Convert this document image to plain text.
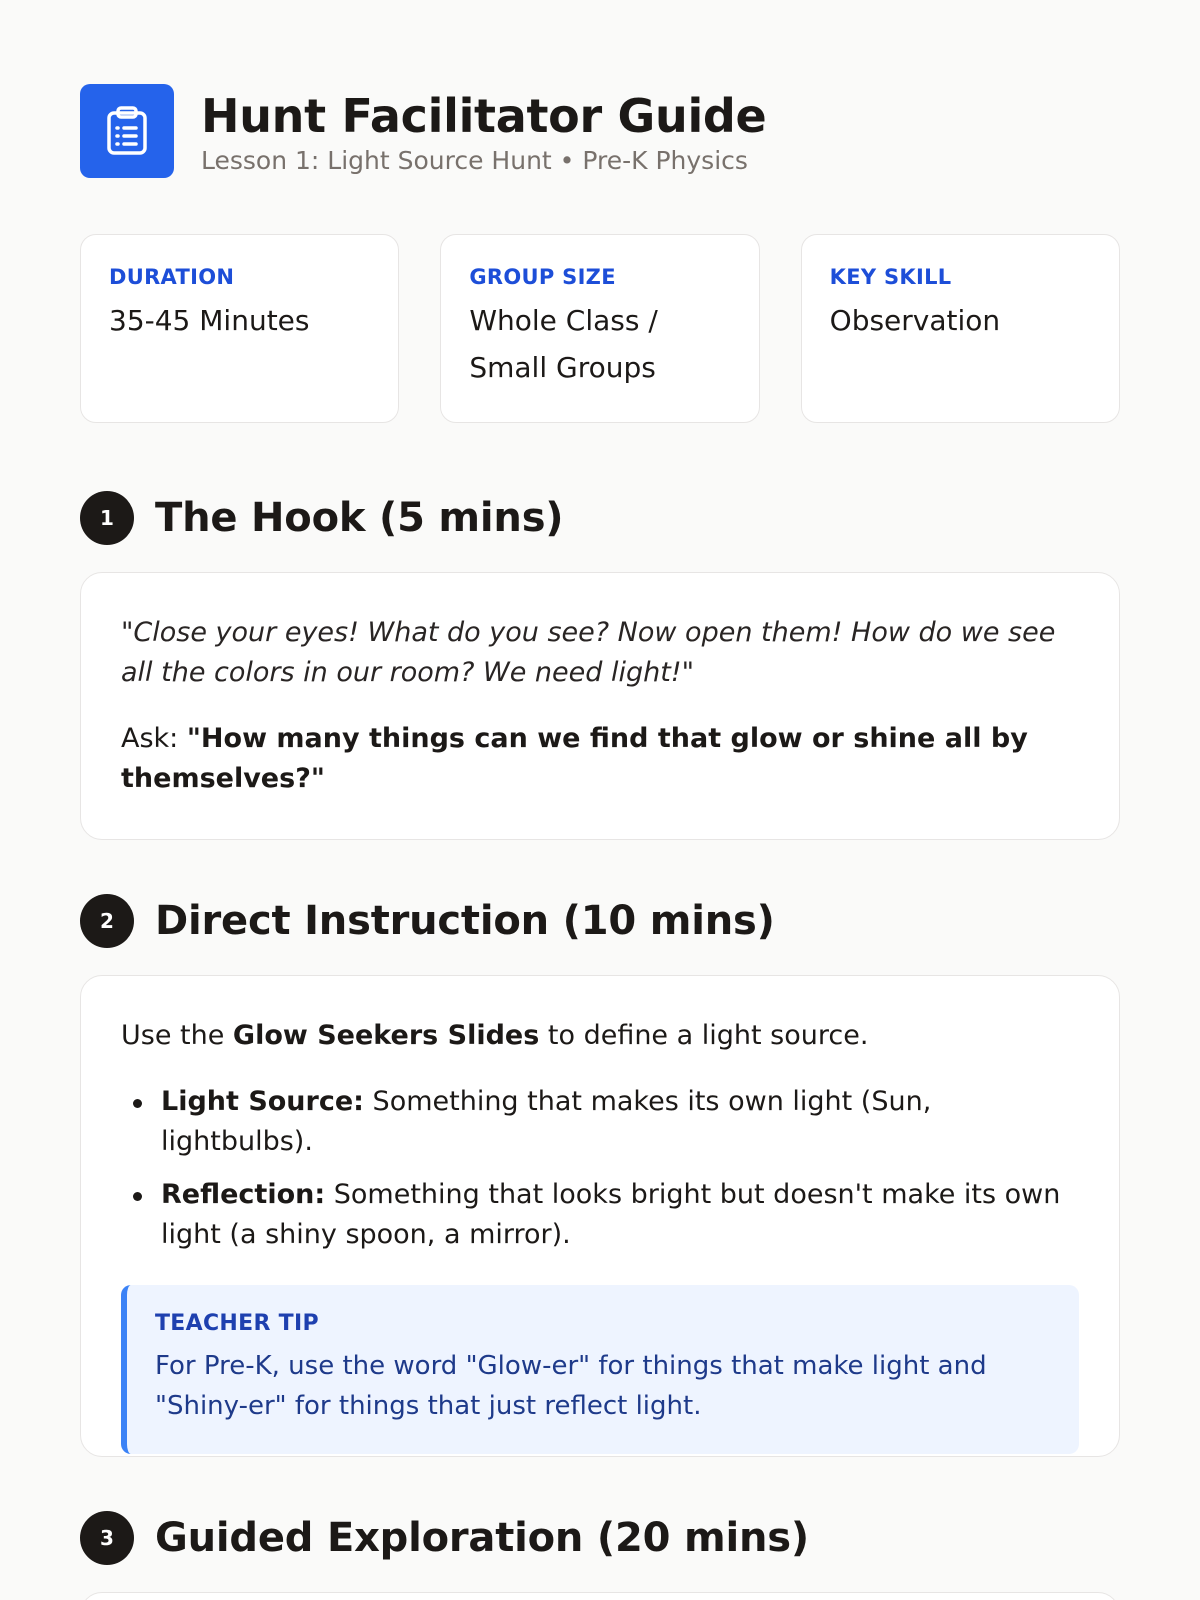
Hunt Facilitator Guide
Lesson 1: Light Source Hunt • Pre-K Physics
DURATION
35-45 Minutes
GROUP SIZE
Whole Class / Small Groups
KEY SKILL
Observation
1	The Hook (5 mins)
"Close your eyes! What do you see? Now open them! How do we see all the colors in our room? We need light!"
Ask: "How many things can we find that glow or shine all by themselves?"
2	Direct Instruction (10 mins)
Use the Glow Seekers Slides to define a light source.
Light Source: Something that makes its own light (Sun, lightbulbs).
Reflection: Something that looks bright but doesn't make its own light (a shiny spoon, a mirror).
TEACHER TIP
For Pre-K, use the word "Glow-er" for things that make light and "Shiny-er" for things that just reflect light.
3	Guided Exploration (20 mins)
